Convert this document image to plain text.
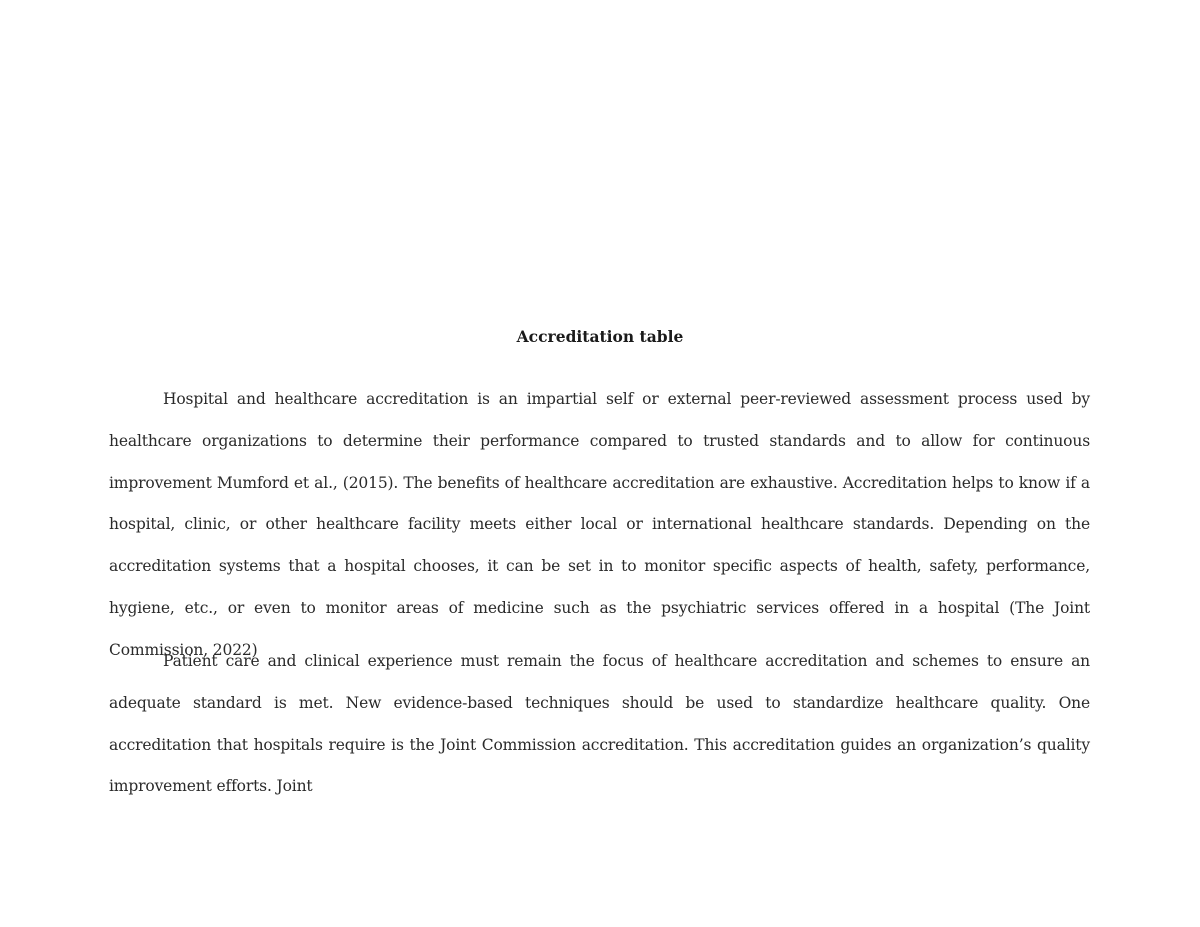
Accreditation table

Hospital and healthcare accreditation is an impartial self or external peer-reviewed assessment process used by healthcare organizations to determine their performance compared to trusted standards and to allow for continuous improvement Mumford et al., (2015). The benefits of healthcare accreditation are exhaustive. Accreditation helps to know if a hospital, clinic, or other healthcare facility meets either local or international healthcare standards. Depending on the accreditation systems that a hospital chooses, it can be set in to monitor specific aspects of health, safety, performance, hygiene, etc., or even to monitor areas of medicine such as the psychiatric services offered in a hospital (The Joint Commission, 2022)

Patient care and clinical experience must remain the focus of healthcare accreditation and schemes to ensure an adequate standard is met. New evidence-based techniques should be used to standardize healthcare quality. One accreditation that hospitals require is the Joint Commission accreditation. This accreditation guides an organization’s quality improvement efforts. Joint
